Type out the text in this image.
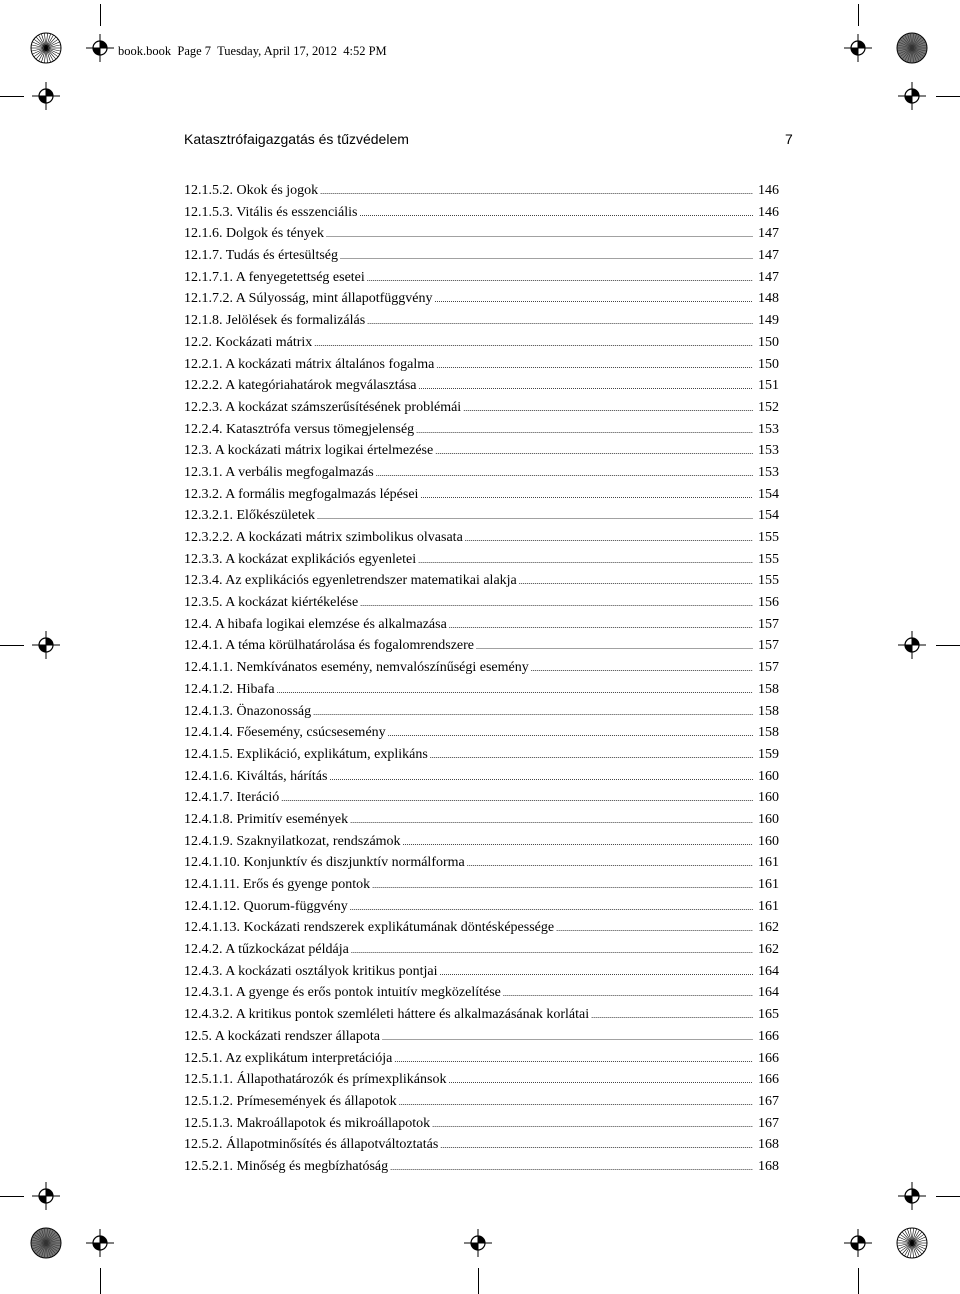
book.book  Page 7  Tuesday, April 17, 2012  4:52 PM
Katasztrófaigazgatás és tűzvédelem	7
12.1.5.2. Okok és jogok . . .	146
12.1.5.3. Vitális és esszenciális . . .	146
12.1.6. Dolgok és tények . . .	147
12.1.7. Tudás és értesültség . . .	147
12.1.7.1. A fenyegetettség esetei . . .	147
12.1.7.2. A Súlyosság, mint állapotfüggvény . . .	148
12.1.8. Jelölések és formalizálás . . .	149
12.2. Kockázati mátrix . . .	150
12.2.1. A kockázati mátrix általános fogalma . . .	150
12.2.2. A kategóriahatárok megválasztása . . .	151
12.2.3. A kockázat számszerűsítésének problémái . . .	152
12.2.4. Katasztrófa versus tömegjelenség . . .	153
12.3. A kockázati mátrix logikai értelmezése . . .	153
12.3.1. A verbális megfogalmazás . . .	153
12.3.2. A formális megfogalmazás lépései . . .	154
12.3.2.1. Előkészületek . . .	154
12.3.2.2. A kockázati mátrix szimbolikus olvasata . . .	155
12.3.3. A kockázat explikációs egyenletei . . .	155
12.3.4. Az explikációs egyenletrendszer matematikai alakja . . .	155
12.3.5. A kockázat kiértékelése . . .	156
12.4. A hibafa logikai elemzése és alkalmazása . . .	157
12.4.1. A téma körülhatárolása és fogalomrendszere . . .	157
12.4.1.1. Nemkívánatos esemény, nemvalószínűségi esemény . . .	157
12.4.1.2. Hibafa . . .	158
12.4.1.3. Önazonosság . . .	158
12.4.1.4. Főesemény, csúcsesemény . . .	158
12.4.1.5. Explikáció, explikátum, explikáns . . .	159
12.4.1.6. Kiváltás, hárítás . . .	160
12.4.1.7. Iteráció . . .	160
12.4.1.8. Primitív események . . .	160
12.4.1.9. Szaknyilatkozat, rendszámok . . .	160
12.4.1.10. Konjunktív és diszjunktív normálforma . . .	161
12.4.1.11. Erős és gyenge pontok . . .	161
12.4.1.12. Quorum-függvény . . .	161
12.4.1.13. Kockázati rendszerek explikátumának döntésképessége . . .	162
12.4.2. A tűzkockázat példája . . .	162
12.4.3. A kockázati osztályok kritikus pontjai . . .	164
12.4.3.1. A gyenge és erős pontok intuitív megközelítése . . .	164
12.4.3.2. A kritikus pontok szemléleti háttere és alkalmazásának korlátai . . .	165
12.5. A kockázati rendszer állapota . . .	166
12.5.1. Az explikátum interpretációja . . .	166
12.5.1.1. Állapothatározók és prímexplikánsok . . .	166
12.5.1.2. Prímesemények és állapotok . . .	167
12.5.1.3. Makroállapotok és mikroállapotok . . .	167
12.5.2. Állapotminősítés és állapotváltoztatás . . .	168
12.5.2.1. Minőség és megbízhatóság . . .	168
